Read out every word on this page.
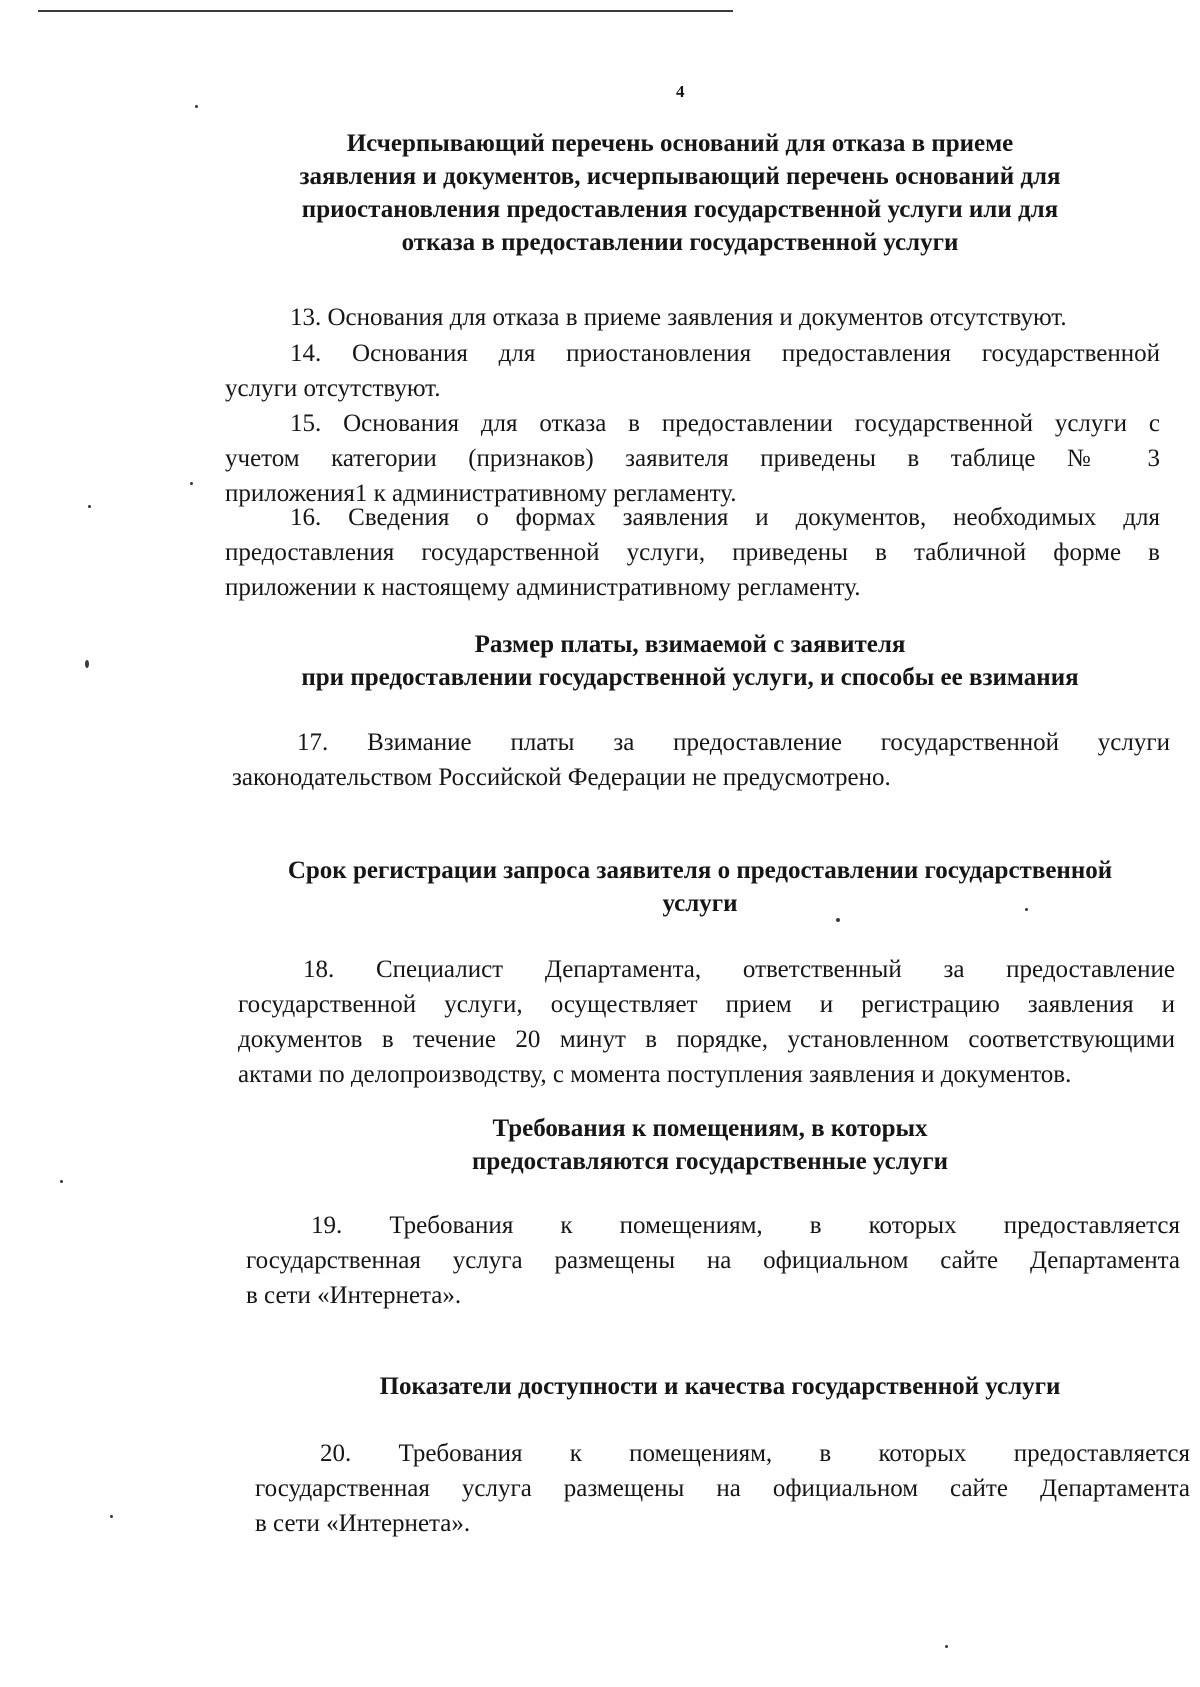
4
Исчерпывающий перечень оснований для отказа в приеме
заявления и документов, исчерпывающий перечень оснований для
приостановления предоставления государственной услуги или для
отказа в предоставлении государственной услуги

13. Основания для отказа в приеме заявления и документов отсутствуют.

14. Основания для приостановления предоставления государственной
услуги отсутствуют.

15. Основания для отказа в предоставлении государственной услуги с
учетом категории (признаков) заявителя приведены в таблице № 3
приложения1 к административному регламенту.

16. Сведения о формах заявления и документов, необходимых для
предоставления государственной услуги, приведены в табличной форме в
приложении к настоящему административному регламенту.

Размер платы, взимаемой с заявителя
при предоставлении государственной услуги, и способы ее взимания

17. Взимание платы за предоставление государственной услуги
законодательством Российской Федерации не предусмотрено.

Срок регистрации запроса заявителя о предоставлении государственной
услуги

18. Специалист Департамента, ответственный за предоставление
государственной услуги, осуществляет прием и регистрацию заявления и
документов в течение 20 минут в порядке, установленном соответствующими
актами по делопроизводству, с момента поступления заявления и документов.

Требования к помещениям, в которых
предоставляются государственные услуги

19. Требования к помещениям, в которых предоставляется
государственная услуга размещены на официальном сайте Департамента
в сети «Интернета».

Показатели доступности и качества государственной услуги

20. Требования к помещениям, в которых предоставляется
государственная услуга размещены на официальном сайте Департамента
в сети «Интернета».
